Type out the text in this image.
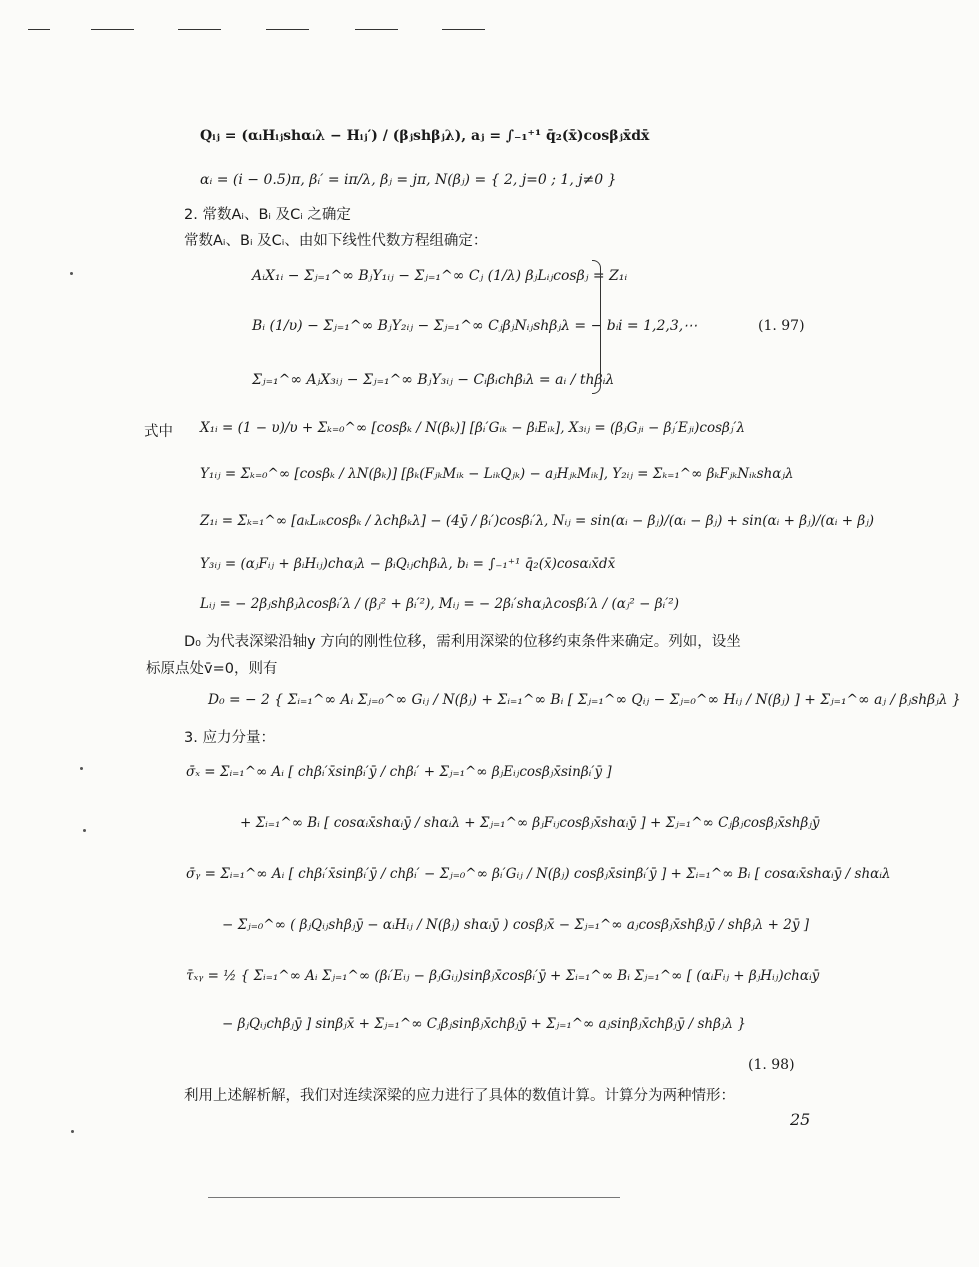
Qᵢⱼ = (αᵢHᵢⱼshαᵢλ − Hᵢⱼ′) / (βⱼshβⱼλ), aⱼ = ∫₋₁⁺¹ q̄₂(x̄)cosβⱼx̄dx̄
αᵢ = (i − 0.5)π, βᵢ′ = iπ/λ, βⱼ = jπ, N(βⱼ) = { 2, j=0 ; 1, j≠0 }
2. 常数Aᵢ、Bᵢ 及Cᵢ 之确定
常数Aᵢ、Bᵢ 及Cᵢ、由如下线性代数方程组确定：
AᵢX₁ᵢ − Σⱼ₌₁^∞ BⱼY₁ᵢⱼ − Σⱼ₌₁^∞ Cⱼ (1/λ) βⱼLᵢⱼcosβⱼ = Z₁ᵢ
Bᵢ (1/υ) − Σⱼ₌₁^∞ BⱼY₂ᵢⱼ − Σⱼ₌₁^∞ CⱼβⱼNᵢⱼshβⱼλ = − bᵢ
Σⱼ₌₁^∞ AⱼX₃ᵢⱼ − Σⱼ₌₁^∞ BⱼY₃ᵢⱼ − Cᵢβᵢchβᵢλ = aᵢ / thβᵢλ
i = 1,2,3,⋯	(1. 97)
式中 X₁ᵢ = (1 − υ)/υ + Σₖ₌₀^∞ [cosβₖ / N(βₖ)] [βᵢ′Gᵢₖ − βᵢEᵢₖ], X₃ᵢⱼ = (βⱼGⱼᵢ − βⱼ′Eⱼᵢ)cosβⱼ′λ
Y₁ᵢⱼ = Σₖ₌₀^∞ [cosβₖ / λN(βₖ)] [βₖ(FⱼₖMᵢₖ − LᵢₖQⱼₖ) − aⱼHⱼₖMᵢₖ], Y₂ᵢⱼ = Σₖ₌₁^∞ βₖFⱼₖNᵢₖshαⱼλ
Z₁ᵢ = Σₖ₌₁^∞ [aₖLᵢₖcosβₖ / λchβₖλ] − (4ȳ / βᵢ′)cosβᵢ′λ, Nᵢⱼ = sin(αᵢ − βⱼ)/(αᵢ − βⱼ) + sin(αᵢ + βⱼ)/(αᵢ + βⱼ)
Y₃ᵢⱼ = (αⱼFᵢⱼ + βᵢHᵢⱼ)chαⱼλ − βᵢQᵢⱼchβᵢλ, bᵢ = ∫₋₁⁺¹ q̄₂(x̄)cosαᵢx̄dx̄
Lᵢⱼ = − 2βⱼshβⱼλcosβᵢ′λ / (βⱼ² + βᵢ′²), Mᵢⱼ = − 2βᵢ′shαⱼλcosβᵢ′λ / (αⱼ² − βᵢ′²)
D₀ 为代表深梁沿轴y 方向的刚性位移，需利用深梁的位移约束条件来确定。列如，设坐
标原点处v̄=0，则有
D₀ = − 2 { Σᵢ₌₁^∞ Aᵢ Σⱼ₌₀^∞ Gᵢⱼ / N(βⱼ) + Σᵢ₌₁^∞ Bᵢ [ Σⱼ₌₁^∞ Qᵢⱼ − Σⱼ₌₀^∞ Hᵢⱼ / N(βⱼ) ] + Σⱼ₌₁^∞ aⱼ / βⱼshβⱼλ }
3. 应力分量：
σ̄ₓ = Σᵢ₌₁^∞ Aᵢ [ chβᵢ′x̄sinβᵢ′ȳ / chβᵢ′ + Σⱼ₌₁^∞ βⱼEᵢⱼcosβⱼx̄sinβᵢ′ȳ ]
+ Σᵢ₌₁^∞ Bᵢ [ cosαᵢx̄shαᵢȳ / shαᵢλ + Σⱼ₌₁^∞ βⱼFᵢⱼcosβⱼx̄shαᵢȳ ] + Σⱼ₌₁^∞ Cⱼβⱼcosβⱼx̄shβⱼȳ
σ̄ᵧ = Σᵢ₌₁^∞ Aᵢ [ chβᵢ′x̄sinβᵢ′ȳ / chβᵢ′ − Σⱼ₌₀^∞ βᵢ′Gᵢⱼ / N(βⱼ) cosβⱼx̄sinβᵢ′ȳ ] + Σᵢ₌₁^∞ Bᵢ [ cosαᵢx̄shαᵢȳ / shαᵢλ
− Σⱼ₌₀^∞ ( βⱼQᵢⱼshβⱼȳ − αᵢHᵢⱼ / N(βⱼ) shαᵢȳ ) cosβⱼx̄ − Σⱼ₌₁^∞ aⱼcosβⱼx̄shβⱼȳ / shβⱼλ + 2ȳ ]
τ̄ₓᵧ = ½ { Σᵢ₌₁^∞ Aᵢ Σⱼ₌₁^∞ (βᵢ′Eᵢⱼ − βⱼGᵢⱼ)sinβⱼx̄cosβᵢ′ȳ + Σᵢ₌₁^∞ Bᵢ Σⱼ₌₁^∞ [ (αᵢFᵢⱼ + βⱼHᵢⱼ)chαᵢȳ
− βⱼQᵢⱼchβⱼȳ ] sinβⱼx̄ + Σⱼ₌₁^∞ Cⱼβⱼsinβⱼx̄chβⱼȳ + Σⱼ₌₁^∞ aⱼsinβⱼx̄chβⱼȳ / shβⱼλ }
(1. 98)
利用上述解析解，我们对连续深梁的应力进行了具体的数值计算。计算分为两种情形：
25
